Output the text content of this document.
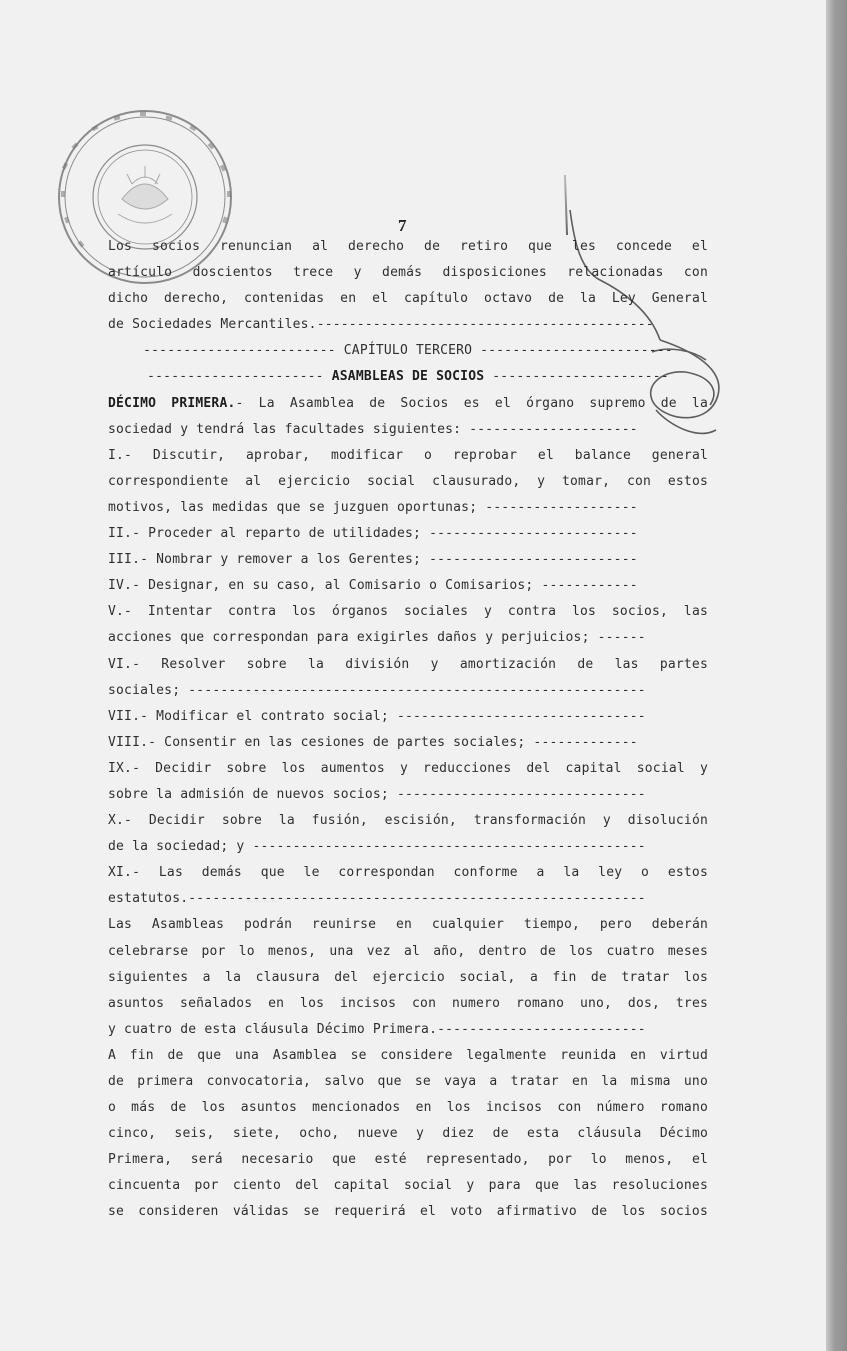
7
Los socios renuncian al derecho de retiro que les concede el
artículo doscientos trece y demás disposiciones relacionadas con
dicho derecho, contenidas en el capítulo octavo de la Ley General
de Sociedades Mercantiles.------------------------------------------
------------------------ CAPÍTULO TERCERO ------------------------
---------------------- ASAMBLEAS DE SOCIOS ----------------------
DÉCIMO PRIMERA.- La Asamblea de Socios es el órgano supremo de la
sociedad y tendrá las facultades siguientes: ---------------------
I.- Discutir, aprobar, modificar o reprobar el balance general
correspondiente al ejercicio social clausurado, y tomar, con estos
motivos, las medidas que se juzguen oportunas; -------------------
II.- Proceder al reparto de utilidades; --------------------------
III.- Nombrar y remover a los Gerentes; --------------------------
IV.- Designar, en su caso, al Comisario o Comisarios; ------------
V.- Intentar contra los órganos sociales y contra los socios, las
acciones que correspondan para exigirles daños y perjuicios; ------
VI.- Resolver sobre la división y amortización de las partes
sociales; ---------------------------------------------------------
VII.- Modificar el contrato social; -------------------------------
VIII.- Consentir en las cesiones de partes sociales; -------------
IX.- Decidir sobre los aumentos y reducciones del capital social y
sobre la admisión de nuevos socios; -------------------------------
X.- Decidir sobre la fusión, escisión, transformación y disolución
de la sociedad; y -------------------------------------------------
XI.- Las demás que le correspondan conforme a la ley o estos
estatutos.---------------------------------------------------------
Las Asambleas podrán reunirse en cualquier tiempo, pero deberán
celebrarse por lo menos, una vez al año, dentro de los cuatro meses
siguientes a la clausura del ejercicio social, a fin de tratar los
asuntos señalados en los incisos con numero romano uno, dos, tres
y cuatro de esta cláusula Décimo Primera.--------------------------
A fin de que una Asamblea se considere legalmente reunida en virtud
de primera convocatoria, salvo que se vaya a tratar en la misma uno
o más de los asuntos mencionados en los incisos con número romano
cinco, seis, siete, ocho, nueve y diez de esta cláusula Décimo
Primera, será necesario que esté representado, por lo menos, el
cincuenta por ciento del capital social y para que las resoluciones
se consideren válidas se requerirá el voto afirmativo de los socios
